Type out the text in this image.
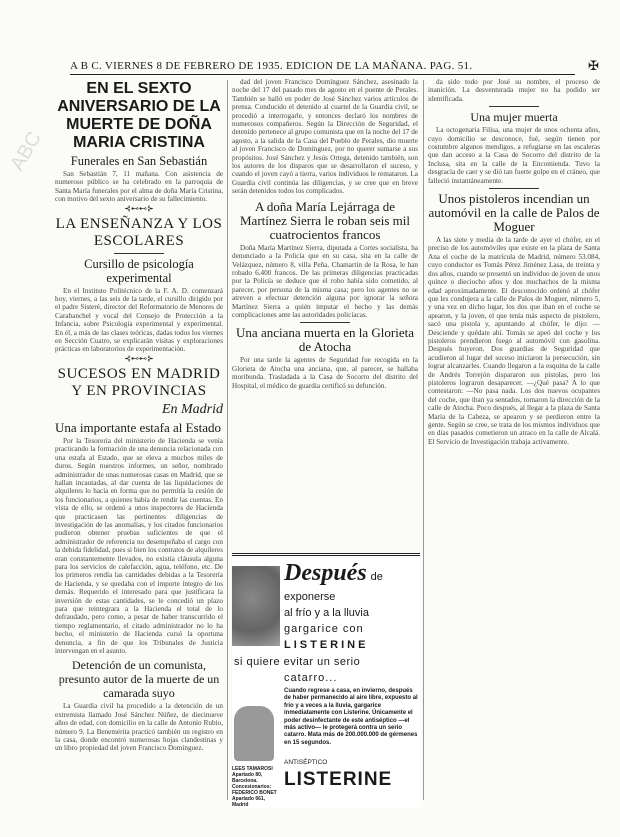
A B C. VIERNES 8 DE FEBRERO DE 1935. EDICION DE LA MAÑANA. PAG. 51.	✠
ABC
EN EL SEXTO ANIVERSARIO DE LA MUERTE DE DOÑA MARIA CRISTINA
Funerales en San Sebastián
San Sebastián 7, 11 mañana. Con asistencia de numeroso público se ha celebrado en la parroquia de Santa María funerales por el alma de doña María Cristina, con motivo del sexto aniversario de su fallecimiento.
⊰⊷⊷⊱
LA ENSEÑANZA Y LOS ESCOLARES
Cursillo de psicología experimental
En el Instituto Politécnico de la F. A. D. comenzará hoy, viernes, a las seis de la tarde, el cursillo dirigido por el padre Sisteré, director del Reformatorio de Menores de Carabanchel y vocal del Consejo de Protección a la Infancia, sobre Psicología experimental y experimental. En él, a más de las clases teóricas, dadas todos los viernes en Sección Cuatro, se explicarán visitas y exploraciones prácticas en laboratorios de experimentación.
⊰⊷⊷⊱
SUCESOS EN MADRID Y EN PROVINCIAS
En Madrid
Una importante estafa al Estado
Por la Tesorería del ministerio de Hacienda se venía practicando la formación de una denuncia relacionada con una estafa al Estado, que se eleva a muchos miles de duros. Según nuestros informes, un señor, nombrado administrador de unas numerosas casas en Madrid, que se hallan incautadas, al dar cuenta de las liquidaciones de alquileres lo hacía en forma que no permitía la cesión de los funcionarios, a quienes había de rendir las cuentas. En vista de ello, se ordenó a unos inspectores de Hacienda que practicasen las pertinentes diligencias de investigación de las anomalías, y los citados funcionarios pudieron obtener pruebas suficientes de que el administrador de referencia no desempeñaba el cargo con la debida fidelidad, pues si bien los contratos de alquileres eran constantemente llevados, no existía cláusula alguna para los servicios de calefacción, agua, teléfono, etc. De los primeros rendía las cantidades debidas a la Tesorería de Hacienda, y se quedaba con el importe íntegro de los demás. Requerido el interesado para que justificara la inversión de estas cantidades, se le concedió un plazo para que reintegrara a la Hacienda el total de lo defraudado, pero como, a pesar de haber transcurrido el tiempo reglamentario, el citado administrador no lo ha hecho, el ministerio de Hacienda cursó la oportuna denuncia, a fin de que los Tribunales de Justicia intervengan en el asunto.
Detención de un comunista, presunto autor de la muerte de un camarada suyo
La Guardia civil ha procedido a la detención de un extremista llamado José Sánchez Núñez, de diecinueve años de edad, con domicilio en la calle de Antonio Rubio, número 9. La Benemérita practicó también un registro en la casa, donde encontró numerosas hojas clandestinas y un libro propiedad del joven Francisco Domínguez.
dad del joven Francisco Domínguez Sánchez, asesinado la noche del 17 del pasado mes de agosto en el puente de Perales. También se halló en poder de José Sánchez varios artículos de prensa. Conducido el detenido al cuartel de la Guardia civil, se procedió a interrogarle, y entonces declaró los nombres de numerosos compañeros. Según la Dirección de Seguridad, el detenido pertenece al grupo comunista que en la noche del 17 de agosto, a la salida de la Casa del Pueblo de Perales, dio muerte al joven Francisco de Domínguez, por no querer sumarse a sus propósitos. José Sánchez y Jesús Ortega, detenido también, son los autores de los disparos que se desarrollaron el suceso, y cuando el joven cayó a tierra, varios individuos le remataron. La Guardia civil continúa las diligencias, y se cree que en breve serán detenidos todos los complicados.
A doña María Lejárraga de Martínez Sierra le roban seis mil cuatrocientos francos
Doña María Martínez Sierra, diputada a Cortes socialista, ha denunciado a la Policía que en su casa, sita en la calle de Velázquez, número 8, villa Peña, Chamartín de la Rosa, le han robado 6.400 francos. De las primeras diligencias practicadas por la Policía se deduce que el robo había sido cometido, al parecer, por persona de la misma casa; pero los agentes no se atreven a efectuar detención alguna por ignorar la señora Martínez Sierra a quién imputar el hecho y las demás complicaciones ante las autoridades policíacas.
Una anciana muerta en la Glorieta de Atocha
Por una tarde la agentes de Seguridad fue recogida en la Glorieta de Atocha una anciana, que, al parecer, se hallaba moribunda. Trasladada a la Casa de Socorro del distrito del Hospital, el médico de guardia certificó su defunción.
Después de
exponerse
al frío y a la lluvia
gargarice con
LISTERINE
si quiere evitar un serio
catarro...
Cuando regrese a casa, en invierno, después de haber permanecido al aire libre, expuesto al frío y a veces a la lluvia, gargarice inmediatamente con Listerine. Únicamente el poder desinfectante de este antiséptico —el más activo— le protegerá contra un serio catarro. Mata más de 200.000.000 de gérmenes en 15 segundos.
ANTISÉPTICO
LISTERINE
LEES TAMAROSI Apartado 80, Barcelona. Concesionarios: FEDERICO BONET Apartado 661, Madrid
da sido todo por José su nombre, el proceso de inanición. La desventurada mujer no ha podido ser identificada.
Una mujer muerta
La octogenaria Filisa, una mujer de unos ochenta años, cuyo domicilio se desconoce, fué, según tienen por costumbre algunos mendigos, a refugiarse en las escaleras que dan acceso a la Casa de Socorro del distrito de la Inclusa, sita en la calle de la Encomienda. Tuvo la desgracia de caer y se dió tan fuerte golpe en el cráneo, que falleció instantáneamente.
Unos pistoleros incendian un automóvil en la calle de Palos de Moguer
A las siete y media de la tarde de ayer el chófer, en el preciso de los automóviles que existe en la plaza de Santa Ana el coche de la matrícula de Madrid, número 53.084, cuyo conductor es Tomás Pérez Jiménez Lasa, de treinta y dos años, cuando se presentó un individuo de joven de unos quince o dieciocho años y dos muchachos de la misma edad aproximadamente. El desconocido ordenó al chófer que les condujera a la calle de Palos de Moguer, número 5, y una vez en dicho lugar, los dos que iban en el coche se apearon, y la joven, el que tenía más aspecto de pistolero, sacó una pistola y, apuntando al chófer, le dijo: —Desciende y quédate ahí. Tomás se apeó del coche y los pistoleros prendieron fuego al automóvil con gasolina. Después huyeron. Dos guardias de Seguridad que acudieron al lugar del suceso iniciaron la persecución, sin lograr alcanzarles. Cuando llegaron a la esquina de la calle de Andrés Torrejón dispararon sus pistolas, pero los pistoleros lograron desaparecer. —¿Qué pasa? A lo que contestaron: —No pasa nada. Los dos nuevos ocupantes del coche, que iban ya sentados, tomaron la dirección de la calle de Atocha. Poco después, al llegar a la plaza de Santa María de la Cabeza, se apearon y se perdieron entre la gente. Según se cree, se trata de los mismos individuos que en días pasados cometieron un atraco en la calle de Alcalá. El Servicio de Investigación trabaja activamente.
